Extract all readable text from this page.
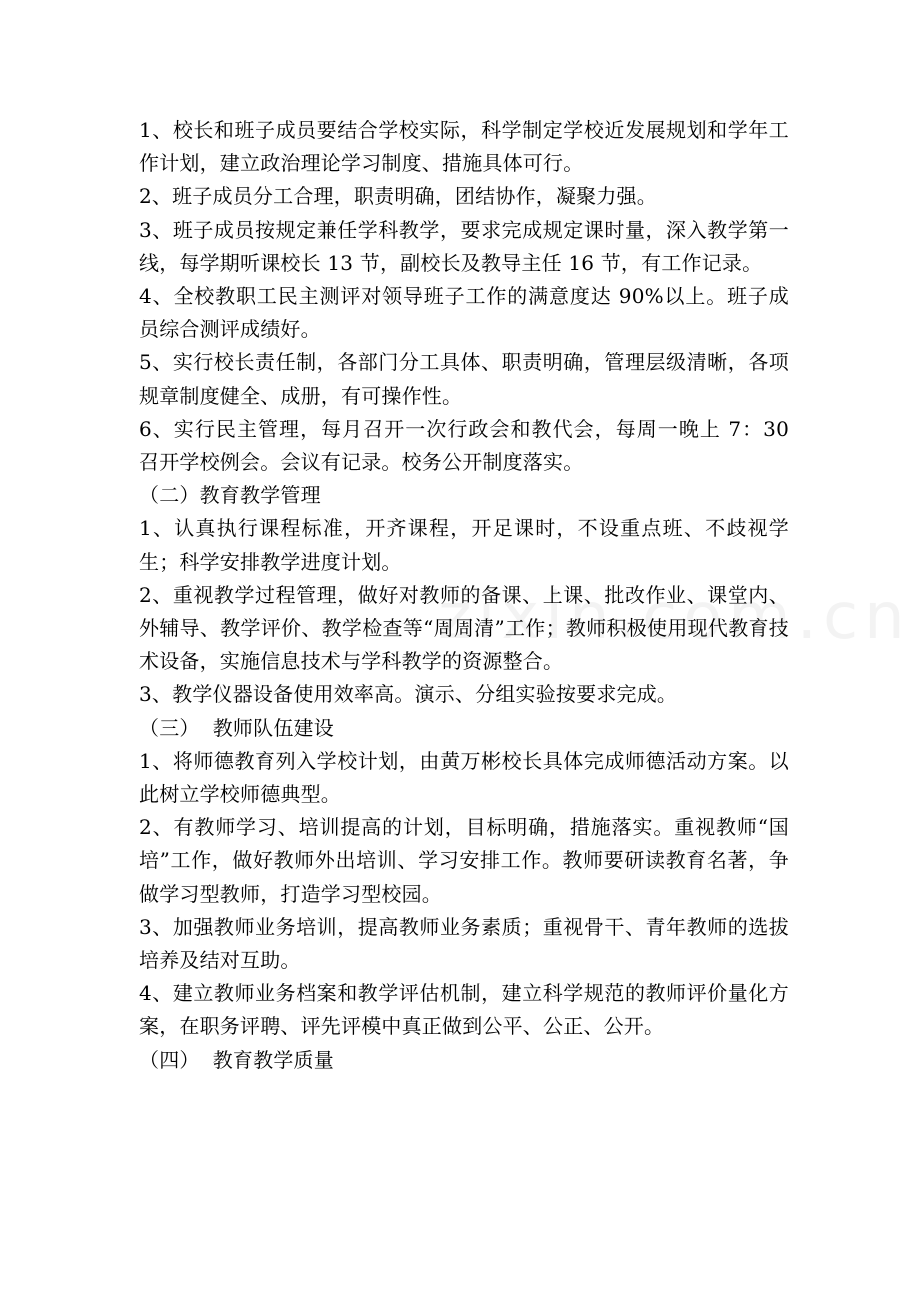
1、校长和班子成员要结合学校实际，科学制定学校近发展规划和学年工作计划，建立政治理论学习制度、措施具体可行。

2、班子成员分工合理，职责明确，团结协作，凝聚力强。

3、班子成员按规定兼任学科教学，要求完成规定课时量，深入教学第一线，每学期听课校长 13 节，副校长及教导主任 16 节，有工作记录。

4、全校教职工民主测评对领导班子工作的满意度达 90%以上。班子成员综合测评成绩好。

5、实行校长责任制，各部门分工具体、职责明确，管理层级清晰，各项规章制度健全、成册，有可操作性。

6、实行民主管理，每月召开一次行政会和教代会，每周一晚上 7：30 召开学校例会。会议有记录。校务公开制度落实。

（二）教育教学管理

1、认真执行课程标准，开齐课程，开足课时，不设重点班、不歧视学生；科学安排教学进度计划。

2、重视教学过程管理，做好对教师的备课、上课、批改作业、课堂内、外辅导、教学评价、教学检查等“周周清”工作；教师积极使用现代教育技术设备，实施信息技术与学科教学的资源整合。

3、教学仪器设备使用效率高。演示、分组实验按要求完成。

（三）  教师队伍建设

1、将师德教育列入学校计划，由黄万彬校长具体完成师德活动方案。以此树立学校师德典型。

2、有教师学习、培训提高的计划，目标明确，措施落实。重视教师“国培”工作，做好教师外出培训、学习安排工作。教师要研读教育名著，争做学习型教师，打造学习型校园。

3、加强教师业务培训，提高教师业务素质；重视骨干、青年教师的选拔培养及结对互助。

4、建立教师业务档案和教学评估机制，建立科学规范的教师评价量化方案，在职务评聘、评先评模中真正做到公平、公正、公开。

（四）  教育教学质量
